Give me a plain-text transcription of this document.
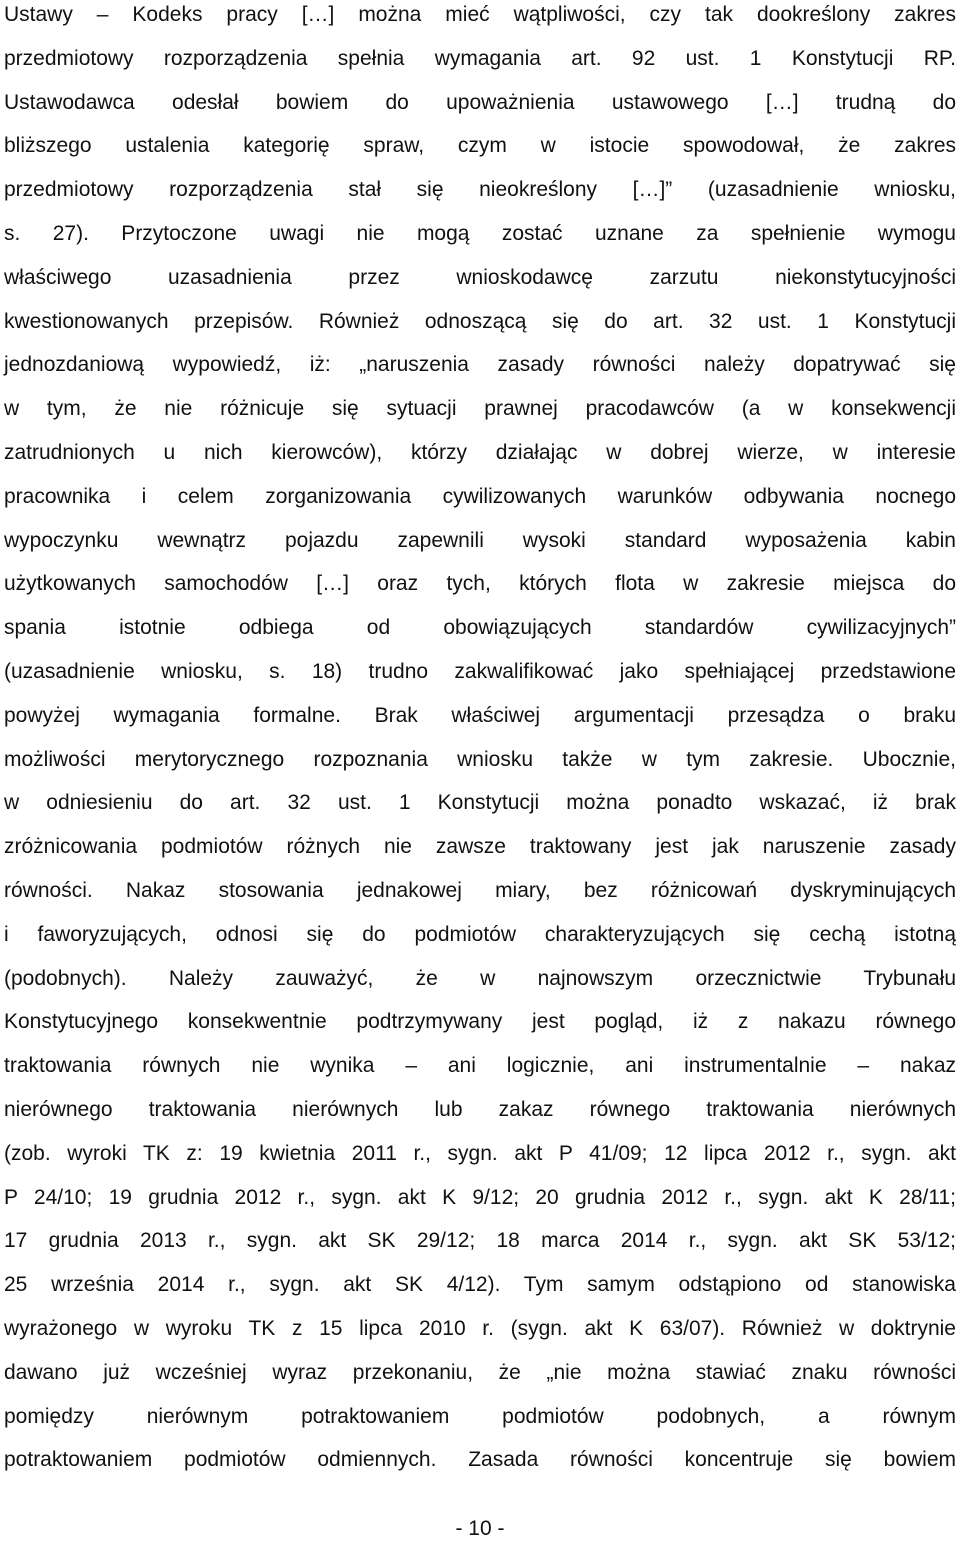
Ustawy – Kodeks pracy […] można mieć wątpliwości, czy tak dookreślony zakres
przedmiotowy rozporządzenia spełnia wymagania art. 92 ust. 1 Konstytucji RP.
Ustawodawca odesłał bowiem do upoważnienia ustawowego […] trudną do
bliższego ustalenia kategorię spraw, czym w istocie spowodował, że zakres
przedmiotowy rozporządzenia stał się nieokreślony […]” (uzasadnienie wniosku,
s. 27). Przytoczone uwagi nie mogą zostać uznane za spełnienie wymogu
właściwego uzasadnienia przez wnioskodawcę zarzutu niekonstytucyjności
kwestionowanych przepisów. Również odnoszącą się do art. 32 ust. 1 Konstytucji
jednozdaniową wypowiedź, iż: „naruszenia zasady równości należy dopatrywać się
w tym, że nie różnicuje się sytuacji prawnej pracodawców (a w konsekwencji
zatrudnionych u nich kierowców), którzy działając w dobrej wierze, w interesie
pracownika i celem zorganizowania cywilizowanych warunków odbywania nocnego
wypoczynku wewnątrz pojazdu zapewnili wysoki standard wyposażenia kabin
użytkowanych samochodów […] oraz tych, których flota w zakresie miejsca do
spania istotnie odbiega od obowiązujących standardów cywilizacyjnych”
(uzasadnienie wniosku, s. 18) trudno zakwalifikować jako spełniającej przedstawione
powyżej wymagania formalne. Brak właściwej argumentacji przesądza o braku
możliwości merytorycznego rozpoznania wniosku także w tym zakresie. Ubocznie,
w odniesieniu do art. 32 ust. 1 Konstytucji można ponadto wskazać, iż brak
zróżnicowania podmiotów różnych nie zawsze traktowany jest jak naruszenie zasady
równości. Nakaz stosowania jednakowej miary, bez różnicowań dyskryminujących
i faworyzujących, odnosi się do podmiotów charakteryzujących się cechą istotną
(podobnych). Należy zauważyć, że w najnowszym orzecznictwie Trybunału
Konstytucyjnego konsekwentnie podtrzymywany jest pogląd, iż z nakazu równego
traktowania równych nie wynika – ani logicznie, ani instrumentalnie – nakaz
nierównego traktowania nierównych lub zakaz równego traktowania nierównych
(zob. wyroki TK z: 19 kwietnia 2011 r., sygn. akt P 41/09; 12 lipca 2012 r., sygn. akt
P 24/10; 19 grudnia 2012 r., sygn. akt K 9/12; 20 grudnia 2012 r., sygn. akt K 28/11;
17 grudnia 2013 r., sygn. akt SK 29/12; 18 marca 2014 r., sygn. akt SK 53/12;
25 września 2014 r., sygn. akt SK 4/12). Tym samym odstąpiono od stanowiska
wyrażonego w wyroku TK z 15 lipca 2010 r. (sygn. akt K 63/07). Również w doktrynie
dawano już wcześniej wyraz przekonaniu, że „nie można stawiać znaku równości
pomiędzy nierównym potraktowaniem podmiotów podobnych, a równym
potraktowaniem podmiotów odmiennych. Zasada równości koncentruje się bowiem
- 10 -
